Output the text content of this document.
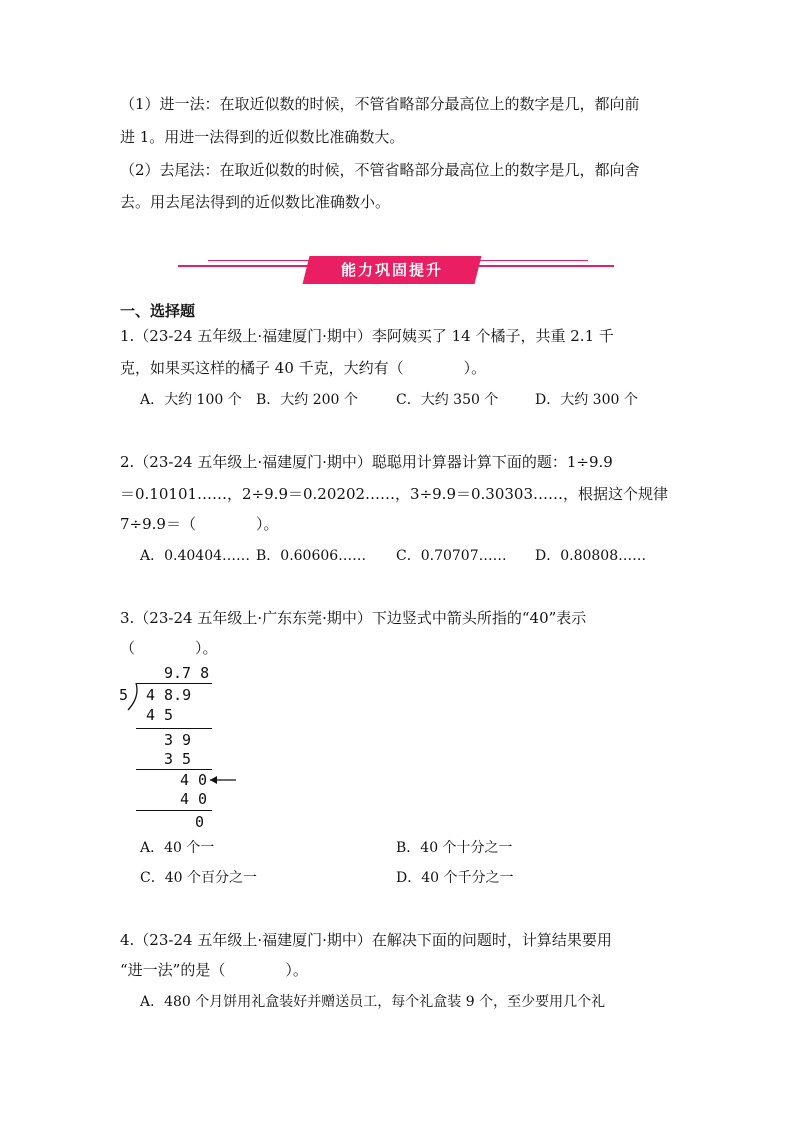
（1）进一法：在取近似数的时候，不管省略部分最高位上的数字是几，都向前
进 1。用进一法得到的近似数比准确数大。
（2）去尾法：在取近似数的时候，不管省略部分最高位上的数字是几，都向舍
去。用去尾法得到的近似数比准确数小。
能力巩固提升
一、选择题
1.（23-24 五年级上·福建厦门·期中）李阿姨买了 14 个橘子，共重 2.1 千
克，如果买这样的橘子 40 千克，大约有（　　　　）。
A．大约 100 个 B．大约 200 个	C．大约 350 个	D．大约 300 个
2.（23-24 五年级上·福建厦门·期中）聪聪用计算器计算下面的题：1÷9.9
＝0.10101……，2÷9.9＝0.20202……，3÷9.9＝0.30303……，根据这个规律
7÷9.9＝（　　　　）。
A．0.40404…… B．0.60606…… C．0.70707…… D．0.80808……
3.（23-24 五年级上·广东东莞·期中）下边竖式中箭头所指的“40”表示
（　　　　）。
9.7 8
5 4 8.9
4 5
3 9
3 5
4 0
4 0
0
A．40 个一	B．40 个十分之一
C．40 个百分之一	D．40 个千分之一
4.（23-24 五年级上·福建厦门·期中）在解决下面的问题时，计算结果要用
“进一法”的是（　　　　）。
A．480 个月饼用礼盒装好并赠送员工，每个礼盒装 9 个，至少要用几个礼
